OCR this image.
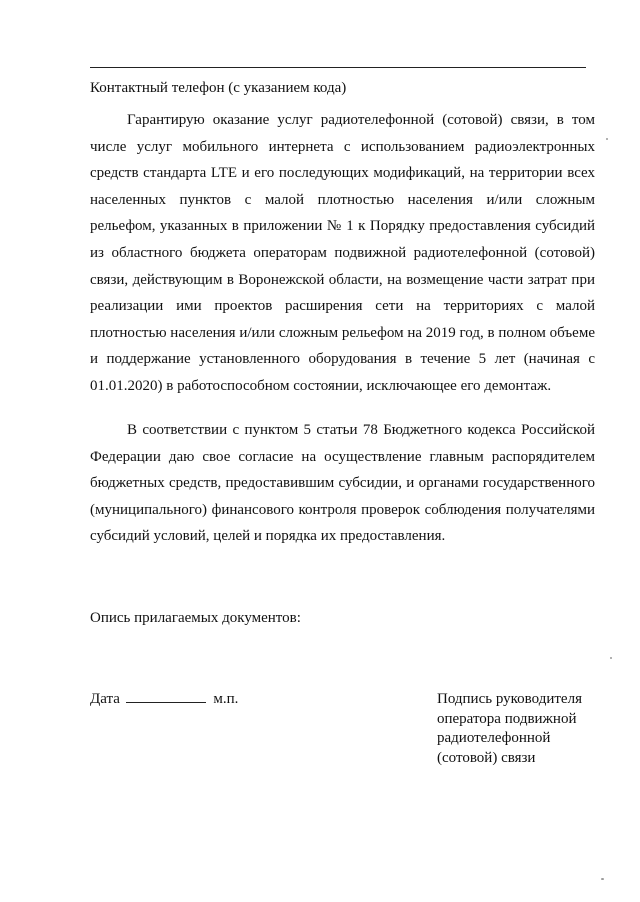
Контактный телефон (с указанием кода)

Гарантирую оказание услуг радиотелефонной (сотовой) связи, в том числе услуг мобильного интернета с использованием радиоэлектронных средств стандарта LTE и его последующих модификаций, на территории всех населенных пунктов с малой плотностью населения и/или сложным рельефом, указанных в приложении № 1 к Порядку предоставления субсидий из областного бюджета операторам подвижной радиотелефонной (сотовой) связи, действующим в Воронежской области, на возмещение части затрат при реализации ими проектов расширения сети на территориях с малой плотностью населения и/или сложным рельефом на 2019 год, в полном объеме и поддержание установленного оборудования в течение 5 лет (начиная с 01.01.2020) в работоспособном состоянии, исключающее его демонтаж.

В соответствии с пунктом 5 статьи 78 Бюджетного кодекса Российской Федерации даю свое согласие на осуществление главным распорядителем бюджетных средств, предоставившим субсидии, и органами государственного (муниципального) финансового контроля проверок соблюдения получателями субсидий условий, целей и порядка их предоставления.

Опись прилагаемых документов:
Дата	м.п.	Подпись руководителя
оператора подвижной
радиотелефонной
(сотовой) связи
